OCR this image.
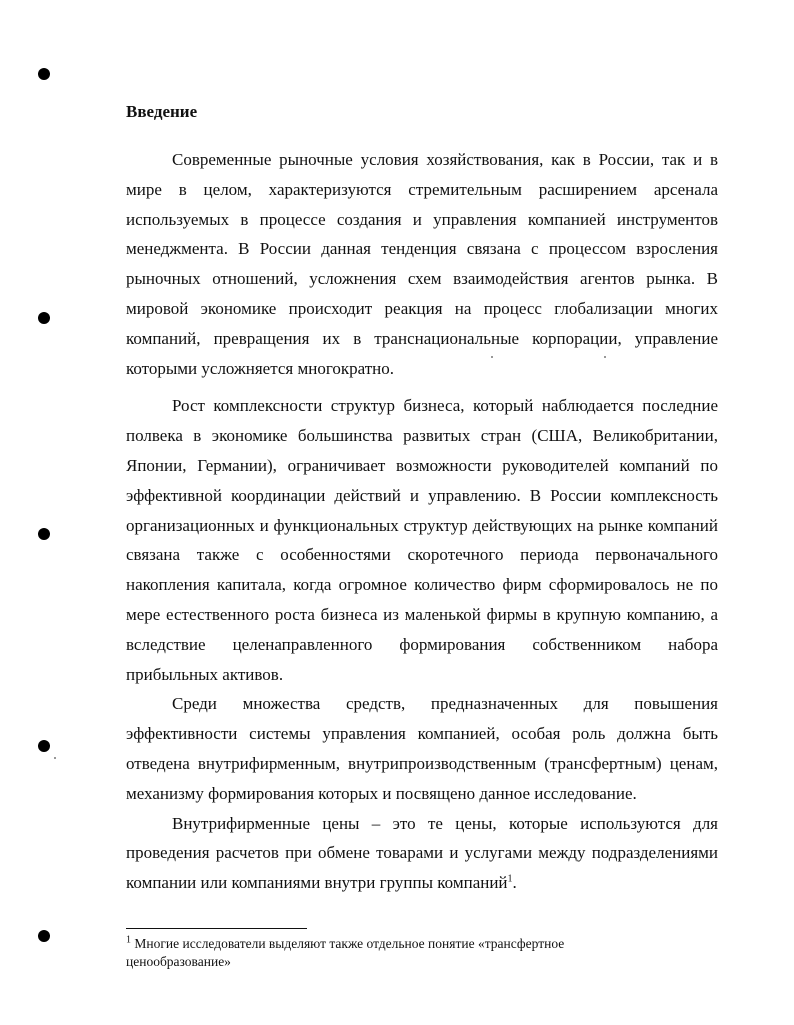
Введение

Современные рыночные условия хозяйствования, как в России, так и в мире в целом, характеризуются стремительным расширением арсенала используемых в процессе создания и управления компанией инструментов менеджмента. В России данная тенденция связана с процессом взросления рыночных отношений, усложнения схем взаимодействия агентов рынка. В мировой экономике происходит реакция на процесс глобализации многих компаний, превращения их в транснациональные корпорации, управление которыми усложняется многократно.

Рост комплексности структур бизнеса, который наблюдается последние полвека в экономике большинства развитых стран (США, Великобритании, Японии, Германии), ограничивает возможности руководителей компаний по эффективной координации действий и управлению. В России комплексность организационных и функциональных структур действующих на рынке компаний связана также с особенностями скоротечного периода первоначального накопления капитала, когда огромное количество фирм сформировалось не по мере естественного роста бизнеса из маленькой фирмы в крупную компанию, а вследствие целенаправленного формирования собственником набора прибыльных активов.

Среди множества средств, предназначенных для повышения эффективности системы управления компанией, особая роль должна быть отведена внутрифирменным, внутрипроизводственным (трансфертным) ценам, механизму формирования которых и посвящено данное исследование.

Внутрифирменные цены – это те цены, которые используются для проведения расчетов при обмене товарами и услугами между подразделениями компании или компаниями внутри группы компаний$^1$.

$^1$ Многие исследователи выделяют также отдельное понятие «трансфертное ценообразование»
